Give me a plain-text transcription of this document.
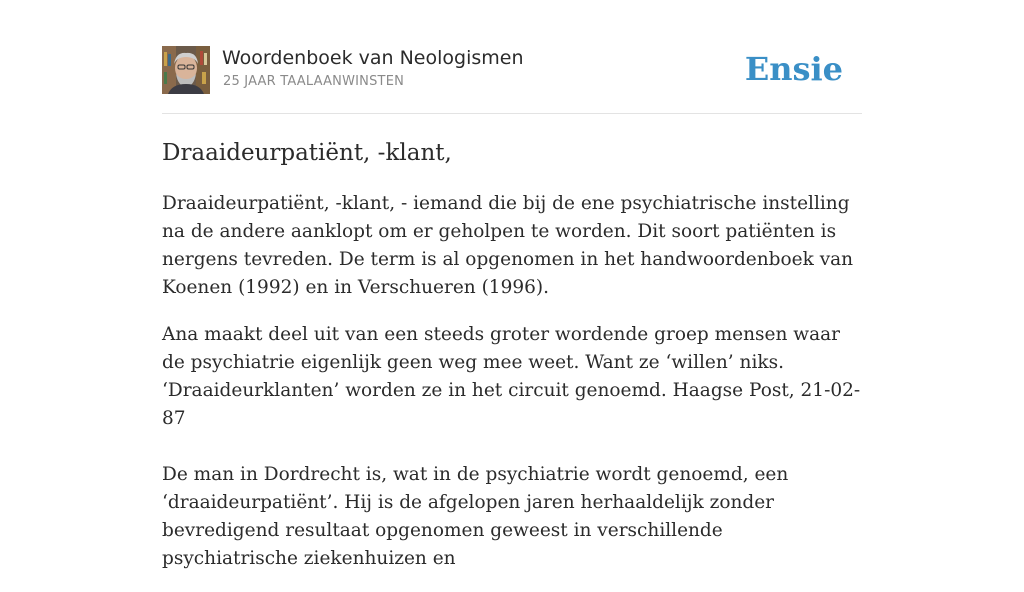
Woordenboek van Neologismen
25 JAAR TAALAANWINSTEN	Ensie
Draaideurpatiënt, -klant,

Draaideurpatiënt, -klant, - iemand die bij de ene psychiatrische instelling na de andere aanklopt om er geholpen te worden. Dit soort patiënten is nergens tevreden. De term is al opgenomen in het handwoordenboek van Koenen (1992) en in Verschueren (1996).

Ana maakt deel uit van een steeds groter wordende groep mensen waar de psychiatrie eigenlijk geen weg mee weet. Want ze ‘willen’ niks.
‘Draaideurklanten’ worden ze in het circuit genoemd. Haagse Post, 21-02-87
De man in Dordrecht is, wat in de psychiatrie wordt genoemd, een ‘draaideurpatiënt’. Hij is de afgelopen jaren herhaaldelijk zonder bevredigend resultaat opgenomen geweest in verschillende psychiatrische ziekenhuizen en
